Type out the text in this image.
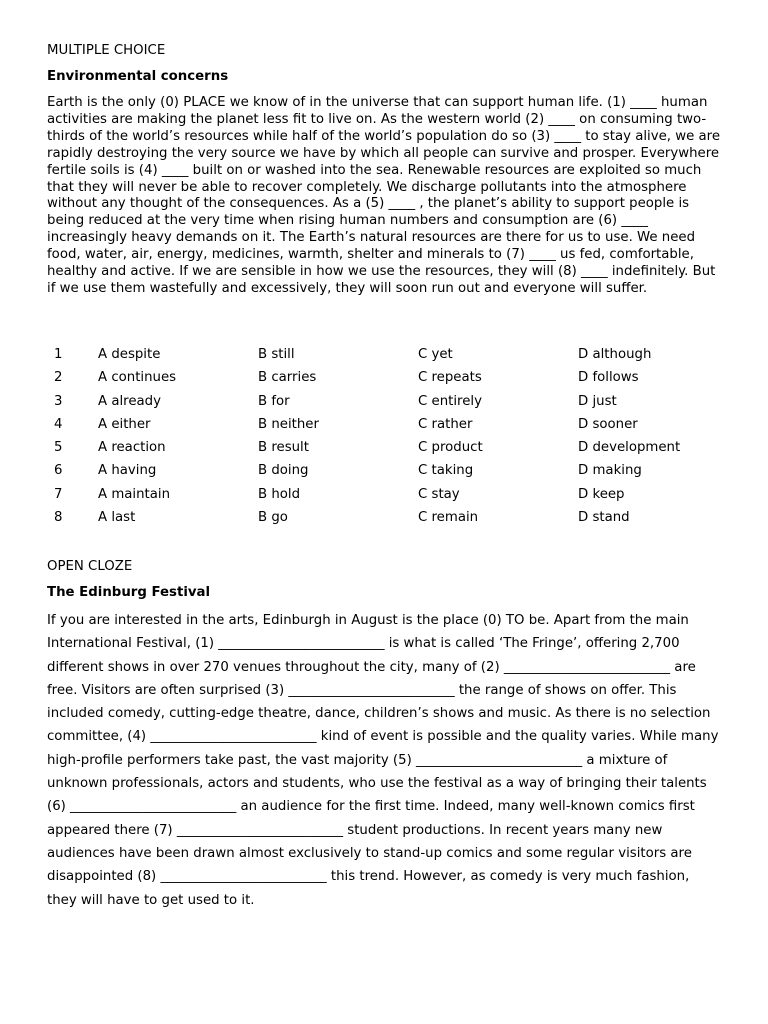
MULTIPLE CHOICE
Environmental concerns

Earth is the only (0) PLACE we know of in the universe that can support human life. (1) ____ human activities are making the planet less fit to live on. As the western world (2) ____ on consuming two-thirds of the world’s resources while half of the world’s population do so (3) ____ to stay alive, we are rapidly destroying the very source we have by which all people can survive and prosper. Everywhere fertile soils is (4) ____ built on or washed into the sea. Renewable resources are exploited so much that they will never be able to recover completely. We discharge pollutants into the atmosphere without any thought of the consequences. As a (5) ____ , the planet’s ability to support people is being reduced at the very time when rising human numbers and consumption are (6) ____ increasingly heavy demands on it. The Earth’s natural resources are there for us to use. We need food, water, air, energy, medicines, warmth, shelter and minerals to (7) ____ us fed, comfortable, healthy and active. If we are sensible in how we use the resources, they will (8) ____ indefinitely. But if we use them wastefully and excessively, they will soon run out and everyone will suffer.

1	A despite	B still	C yet	D although
2	A continues	B carries	C repeats	D follows
3	A already	B for	C entirely	D just
4	A either	B neither	C rather	D sooner
5	A reaction	B result	C product	D development
6	A having	B doing	C taking	D making
7	A maintain	B hold	C stay	D keep
8	A last	B go	C remain	D stand
OPEN CLOZE
The Edinburg Festival

If you are interested in the arts, Edinburgh in August is the place (0) TO be. Apart from the main International Festival, (1) _________________________ is what is called ‘The Fringe’, offering 2,700 different shows in over 270 venues throughout the city, many of (2) _________________________ are free. Visitors are often surprised (3) _________________________ the range of shows on offer. This included comedy, cutting-edge theatre, dance, children’s shows and music. As there is no selection committee, (4) _________________________ kind of event is possible and the quality varies. While many high-profile performers take past, the vast majority (5) _________________________ a mixture of unknown professionals, actors and students, who use the festival as a way of bringing their talents (6) _________________________ an audience for the first time. Indeed, many well-known comics first appeared there (7) _________________________ student productions. In recent years many new audiences have been drawn almost exclusively to stand-up comics and some regular visitors are disappointed (8) _________________________ this trend. However, as comedy is very much fashion, they will have to get used to it.
